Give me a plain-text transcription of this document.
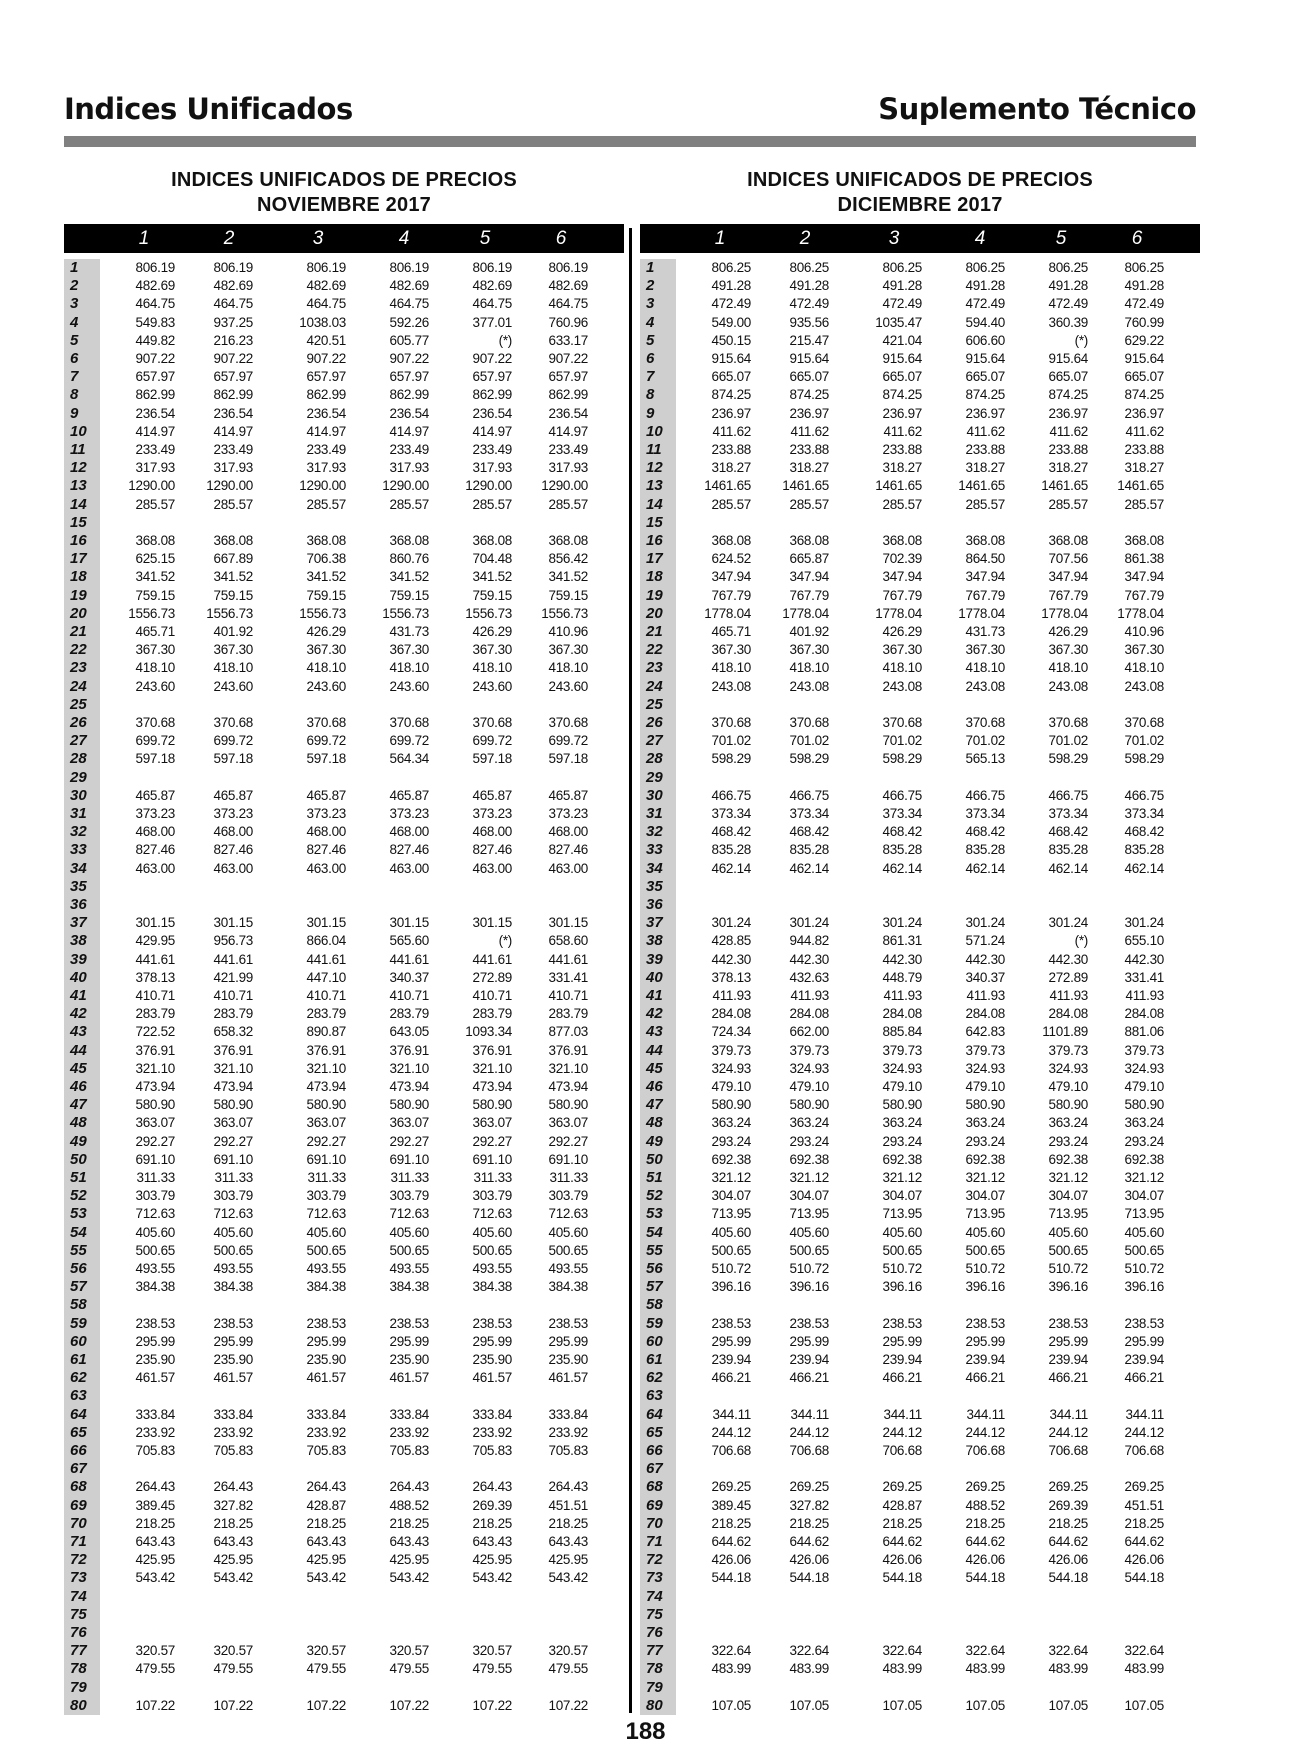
Indices Unificados	Suplemento Técnico
INDICES UNIFICADOS DE PRECIOS
NOVIEMBRE 2017
1	2	3	4	5	6
1	806.19	806.19	806.19	806.19	806.19	806.19
2	482.69	482.69	482.69	482.69	482.69	482.69
3	464.75	464.75	464.75	464.75	464.75	464.75
4	549.83	937.25	1038.03	592.26	377.01	760.96
5	449.82	216.23	420.51	605.77	(*)	633.17
6	907.22	907.22	907.22	907.22	907.22	907.22
7	657.97	657.97	657.97	657.97	657.97	657.97
8	862.99	862.99	862.99	862.99	862.99	862.99
9	236.54	236.54	236.54	236.54	236.54	236.54
10	414.97	414.97	414.97	414.97	414.97	414.97
11	233.49	233.49	233.49	233.49	233.49	233.49
12	317.93	317.93	317.93	317.93	317.93	317.93
13	1290.00	1290.00	1290.00	1290.00	1290.00	1290.00
14	285.57	285.57	285.57	285.57	285.57	285.57
15
16	368.08	368.08	368.08	368.08	368.08	368.08
17	625.15	667.89	706.38	860.76	704.48	856.42
18	341.52	341.52	341.52	341.52	341.52	341.52
19	759.15	759.15	759.15	759.15	759.15	759.15
20	1556.73	1556.73	1556.73	1556.73	1556.73	1556.73
21	465.71	401.92	426.29	431.73	426.29	410.96
22	367.30	367.30	367.30	367.30	367.30	367.30
23	418.10	418.10	418.10	418.10	418.10	418.10
24	243.60	243.60	243.60	243.60	243.60	243.60
25
26	370.68	370.68	370.68	370.68	370.68	370.68
27	699.72	699.72	699.72	699.72	699.72	699.72
28	597.18	597.18	597.18	564.34	597.18	597.18
29
30	465.87	465.87	465.87	465.87	465.87	465.87
31	373.23	373.23	373.23	373.23	373.23	373.23
32	468.00	468.00	468.00	468.00	468.00	468.00
33	827.46	827.46	827.46	827.46	827.46	827.46
34	463.00	463.00	463.00	463.00	463.00	463.00
35
36
37	301.15	301.15	301.15	301.15	301.15	301.15
38	429.95	956.73	866.04	565.60	(*)	658.60
39	441.61	441.61	441.61	441.61	441.61	441.61
40	378.13	421.99	447.10	340.37	272.89	331.41
41	410.71	410.71	410.71	410.71	410.71	410.71
42	283.79	283.79	283.79	283.79	283.79	283.79
43	722.52	658.32	890.87	643.05	1093.34	877.03
44	376.91	376.91	376.91	376.91	376.91	376.91
45	321.10	321.10	321.10	321.10	321.10	321.10
46	473.94	473.94	473.94	473.94	473.94	473.94
47	580.90	580.90	580.90	580.90	580.90	580.90
48	363.07	363.07	363.07	363.07	363.07	363.07
49	292.27	292.27	292.27	292.27	292.27	292.27
50	691.10	691.10	691.10	691.10	691.10	691.10
51	311.33	311.33	311.33	311.33	311.33	311.33
52	303.79	303.79	303.79	303.79	303.79	303.79
53	712.63	712.63	712.63	712.63	712.63	712.63
54	405.60	405.60	405.60	405.60	405.60	405.60
55	500.65	500.65	500.65	500.65	500.65	500.65
56	493.55	493.55	493.55	493.55	493.55	493.55
57	384.38	384.38	384.38	384.38	384.38	384.38
58
59	238.53	238.53	238.53	238.53	238.53	238.53
60	295.99	295.99	295.99	295.99	295.99	295.99
61	235.90	235.90	235.90	235.90	235.90	235.90
62	461.57	461.57	461.57	461.57	461.57	461.57
63
64	333.84	333.84	333.84	333.84	333.84	333.84
65	233.92	233.92	233.92	233.92	233.92	233.92
66	705.83	705.83	705.83	705.83	705.83	705.83
67
68	264.43	264.43	264.43	264.43	264.43	264.43
69	389.45	327.82	428.87	488.52	269.39	451.51
70	218.25	218.25	218.25	218.25	218.25	218.25
71	643.43	643.43	643.43	643.43	643.43	643.43
72	425.95	425.95	425.95	425.95	425.95	425.95
73	543.42	543.42	543.42	543.42	543.42	543.42
74
75
76
77	320.57	320.57	320.57	320.57	320.57	320.57
78	479.55	479.55	479.55	479.55	479.55	479.55
79
80	107.22	107.22	107.22	107.22	107.22	107.22
INDICES UNIFICADOS DE PRECIOS
DICIEMBRE 2017
1	2	3	4	5	6
1	806.25	806.25	806.25	806.25	806.25	806.25
2	491.28	491.28	491.28	491.28	491.28	491.28
3	472.49	472.49	472.49	472.49	472.49	472.49
4	549.00	935.56	1035.47	594.40	360.39	760.99
5	450.15	215.47	421.04	606.60	(*)	629.22
6	915.64	915.64	915.64	915.64	915.64	915.64
7	665.07	665.07	665.07	665.07	665.07	665.07
8	874.25	874.25	874.25	874.25	874.25	874.25
9	236.97	236.97	236.97	236.97	236.97	236.97
10	411.62	411.62	411.62	411.62	411.62	411.62
11	233.88	233.88	233.88	233.88	233.88	233.88
12	318.27	318.27	318.27	318.27	318.27	318.27
13	1461.65	1461.65	1461.65	1461.65	1461.65	1461.65
14	285.57	285.57	285.57	285.57	285.57	285.57
15
16	368.08	368.08	368.08	368.08	368.08	368.08
17	624.52	665.87	702.39	864.50	707.56	861.38
18	347.94	347.94	347.94	347.94	347.94	347.94
19	767.79	767.79	767.79	767.79	767.79	767.79
20	1778.04	1778.04	1778.04	1778.04	1778.04	1778.04
21	465.71	401.92	426.29	431.73	426.29	410.96
22	367.30	367.30	367.30	367.30	367.30	367.30
23	418.10	418.10	418.10	418.10	418.10	418.10
24	243.08	243.08	243.08	243.08	243.08	243.08
25
26	370.68	370.68	370.68	370.68	370.68	370.68
27	701.02	701.02	701.02	701.02	701.02	701.02
28	598.29	598.29	598.29	565.13	598.29	598.29
29
30	466.75	466.75	466.75	466.75	466.75	466.75
31	373.34	373.34	373.34	373.34	373.34	373.34
32	468.42	468.42	468.42	468.42	468.42	468.42
33	835.28	835.28	835.28	835.28	835.28	835.28
34	462.14	462.14	462.14	462.14	462.14	462.14
35
36
37	301.24	301.24	301.24	301.24	301.24	301.24
38	428.85	944.82	861.31	571.24	(*)	655.10
39	442.30	442.30	442.30	442.30	442.30	442.30
40	378.13	432.63	448.79	340.37	272.89	331.41
41	411.93	411.93	411.93	411.93	411.93	411.93
42	284.08	284.08	284.08	284.08	284.08	284.08
43	724.34	662.00	885.84	642.83	1101.89	881.06
44	379.73	379.73	379.73	379.73	379.73	379.73
45	324.93	324.93	324.93	324.93	324.93	324.93
46	479.10	479.10	479.10	479.10	479.10	479.10
47	580.90	580.90	580.90	580.90	580.90	580.90
48	363.24	363.24	363.24	363.24	363.24	363.24
49	293.24	293.24	293.24	293.24	293.24	293.24
50	692.38	692.38	692.38	692.38	692.38	692.38
51	321.12	321.12	321.12	321.12	321.12	321.12
52	304.07	304.07	304.07	304.07	304.07	304.07
53	713.95	713.95	713.95	713.95	713.95	713.95
54	405.60	405.60	405.60	405.60	405.60	405.60
55	500.65	500.65	500.65	500.65	500.65	500.65
56	510.72	510.72	510.72	510.72	510.72	510.72
57	396.16	396.16	396.16	396.16	396.16	396.16
58
59	238.53	238.53	238.53	238.53	238.53	238.53
60	295.99	295.99	295.99	295.99	295.99	295.99
61	239.94	239.94	239.94	239.94	239.94	239.94
62	466.21	466.21	466.21	466.21	466.21	466.21
63
64	344.11	344.11	344.11	344.11	344.11	344.11
65	244.12	244.12	244.12	244.12	244.12	244.12
66	706.68	706.68	706.68	706.68	706.68	706.68
67
68	269.25	269.25	269.25	269.25	269.25	269.25
69	389.45	327.82	428.87	488.52	269.39	451.51
70	218.25	218.25	218.25	218.25	218.25	218.25
71	644.62	644.62	644.62	644.62	644.62	644.62
72	426.06	426.06	426.06	426.06	426.06	426.06
73	544.18	544.18	544.18	544.18	544.18	544.18
74
75
76
77	322.64	322.64	322.64	322.64	322.64	322.64
78	483.99	483.99	483.99	483.99	483.99	483.99
79
80	107.05	107.05	107.05	107.05	107.05	107.05
188
